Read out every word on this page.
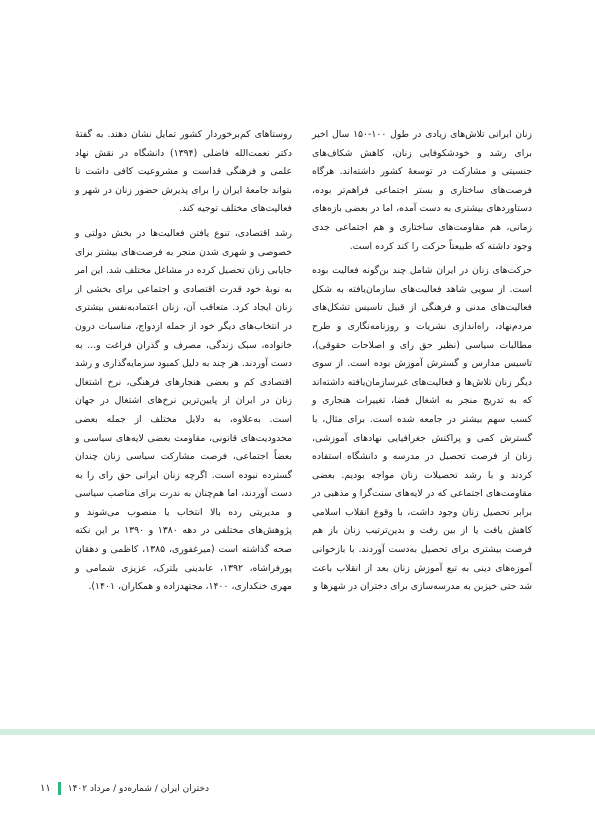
زنان ایرانی تلاش‌های زیادی در طول ۱۰۰-۱۵۰ سال اخیر برای رشد و خودشکوفایی زنان، کاهش شکاف‌های جنسیتی و مشارکت در توسعهٔ کشور داشته‌اند. هرگاه فرصت‌های ساختاری و بستر اجتماعی فراهم‌تر بوده، دستاوردهای بیشتری به دست آمده، اما در بعضی بازه‌های زمانی، هم مقاومت‌های ساختاری و هم اجتماعی جدی وجود داشته که طبیعتاً حرکت را کند کرده است.

حرکت‌های زنان در ایران شامل چند بن‌گونه فعالیت بوده است. از سویی شاهد فعالیت‌های سازمان‌یافته به شکل فعالیت‌های مدنی و فرهنگی از قبیل تاسیس تشکل‌های مردم‌نهاد، راه‌اندازی نشریات و روزنامه‌نگاری و طرح مطالبات سیاسی (نظیر حق رای و اصلاحات حقوقی)، تاسیس مدارس و گسترش آموزش بوده است. از سوی دیگر زنان تلاش‌ها و فعالیت‌های غیرسازمان‌یافته داشته‌اند که به تدریج منجر به اشغال فضا، تغییرات هنجاری و کسب سهم بیشتر در جامعه شده است. برای مثال، با گسترش کمی و پراکنش جغرافیایی نهادهای آموزشی، زنان از فرصت تحصیل در مدرسه و دانشگاه استفاده کردند و با رشد تحصیلات زنان مواجه بودیم. بعضی مقاومت‌های اجتماعی که در لایه‌های سنت‌گرا و مذهبی در برابر تحصیل زنان وجود داشت، با وقوع انقلاب اسلامی کاهش یافت یا از بین رفت و بدین‌ترتیب زنان باز هم فرصت بیشتری برای تحصیل به‌دست آوردند. با بازخوانی آموزه‌های دینی به تبع آموزش زنان بعد از انقلاب باعث شد حتی خیزبن به مدرسه‌سازی برای دختران در شهرها و

روستاهای کم‌برخوردار کشور تمایل نشان دهند. به گفتهٔ دکتر نعمت‌الله فاضلی (۱۳۹۴) دانشگاه در نقش نهاد علمی و فرهنگی قداست و مشروعیت کافی داشت تا بتواند جامعهٔ ایران را برای پذیرش حضور زنان در شهر و فعالیت‌های مختلف توجیه کند.

رشد اقتصادی، تنوع یافتن فعالیت‌ها در بخش دولتی و خصوصی و شهری شدن منجر به فرصت‌های بیشتر برای جایابی زنان تحصیل کرده در مشاغل مختلف شد. این امر به نوبهٔ خود قدرت اقتصادی و اجتماعی برای بخشی از زنان ایجاد کرد. متعاقب آن، زنان اعتماد‌به‌نفس بیشتری در انتخاب‌های دیگر خود از جمله ازدواج، مناسبات درون خانواده، سبک زندگی، مصرف و گذران فراغت و... به دست آوردند. هر چند به دلیل کمبود سرمایه‌گذاری و رشد اقتصادی کم و بعضی هنجارهای فرهنگی، نرخ اشتغال زنان در ایران از پایین‌ترین نرخ‌های اشتغال در جهان است. به‌علاوه، به دلایل مختلف از جمله بعضی محدودیت‌های قانونی، مقاومت بعضی لایه‌های سیاسی و بعضاً اجتماعی، فرصت مشارکت سیاسی زنان چندان گسترده نبوده است. اگرچه زنان ایرانی حق رای را به دست آوردند، اما هم‌چنان به ندرت برای مناصب سیاسی و مدیریتی رده بالا انتخاب یا منصوب می‌شوند و پژوهش‌های مختلفی در دهه ۱۳۸۰ و ۱۳۹۰ بر این نکته صحه گذاشته است (میرغفوری، ۱۳۸۵، کاظمی و دهقان پورفراشاه، ۱۳۹۲، عابدینی بلترک، عزیزی شمامی و مهری خنکداری، ۱۴۰۰، مجتهدزاده و همکاران، ۱۴۰۱).

۱۱ دختران ایران / شماره‌دو / مرداد ۱۴۰۲
